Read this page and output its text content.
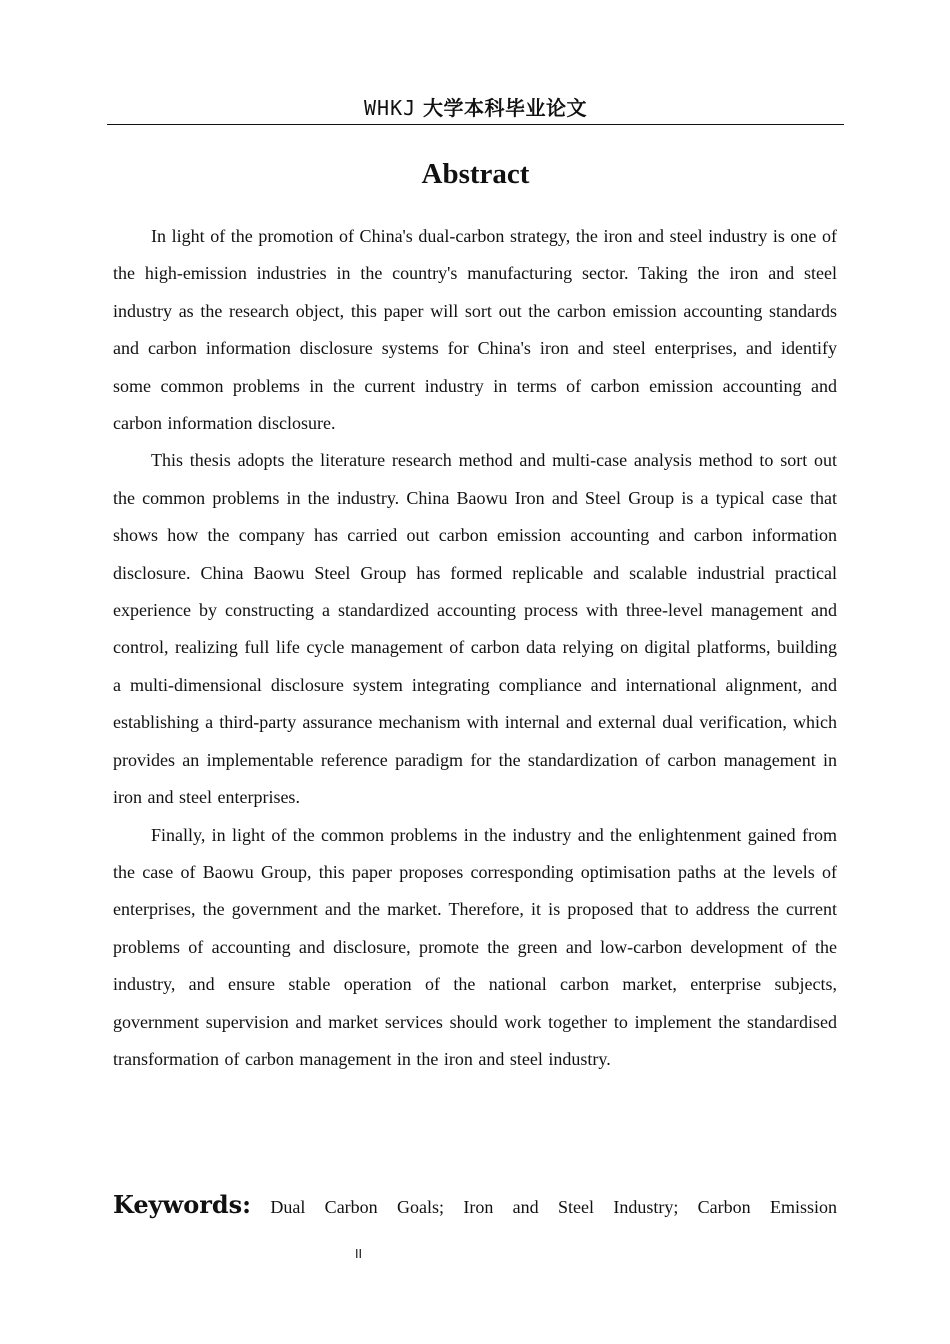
WHKJ 大学本科毕业论文
Abstract

In light of the promotion of China's dual-carbon strategy, the iron and steel industry is one of the high-emission industries in the country's manufacturing sector. Taking the iron and steel industry as the research object, this paper will sort out the carbon emission accounting standards and carbon information disclosure systems for China's iron and steel enterprises, and identify some common problems in the current industry in terms of carbon emission accounting and carbon information disclosure.

This thesis adopts the literature research method and multi-case analysis method to sort out the common problems in the industry. China Baowu Iron and Steel Group is a typical case that shows how the company has carried out carbon emission accounting and carbon information disclosure. China Baowu Steel Group has formed replicable and scalable industrial practical experience by constructing a standardized accounting process with three-level management and control, realizing full life cycle management of carbon data relying on digital platforms, building a multi-dimensional disclosure system integrating compliance and international alignment, and establishing a third-party assurance mechanism with internal and external dual verification, which provides an implementable reference paradigm for the standardization of carbon management in iron and steel enterprises.

Finally, in light of the common problems in the industry and the enlightenment gained from the case of Baowu Group, this paper proposes corresponding optimisation paths at the levels of enterprises, the government and the market. Therefore, it is proposed that to address the current problems of accounting and disclosure, promote the green and low-carbon development of the industry, and ensure stable operation of the national carbon market, enterprise subjects, government supervision and market services should work together to implement the standardised transformation of carbon management in the iron and steel industry.

Keywords: Dual Carbon Goals; Iron and Steel Industry; Carbon Emission
II
